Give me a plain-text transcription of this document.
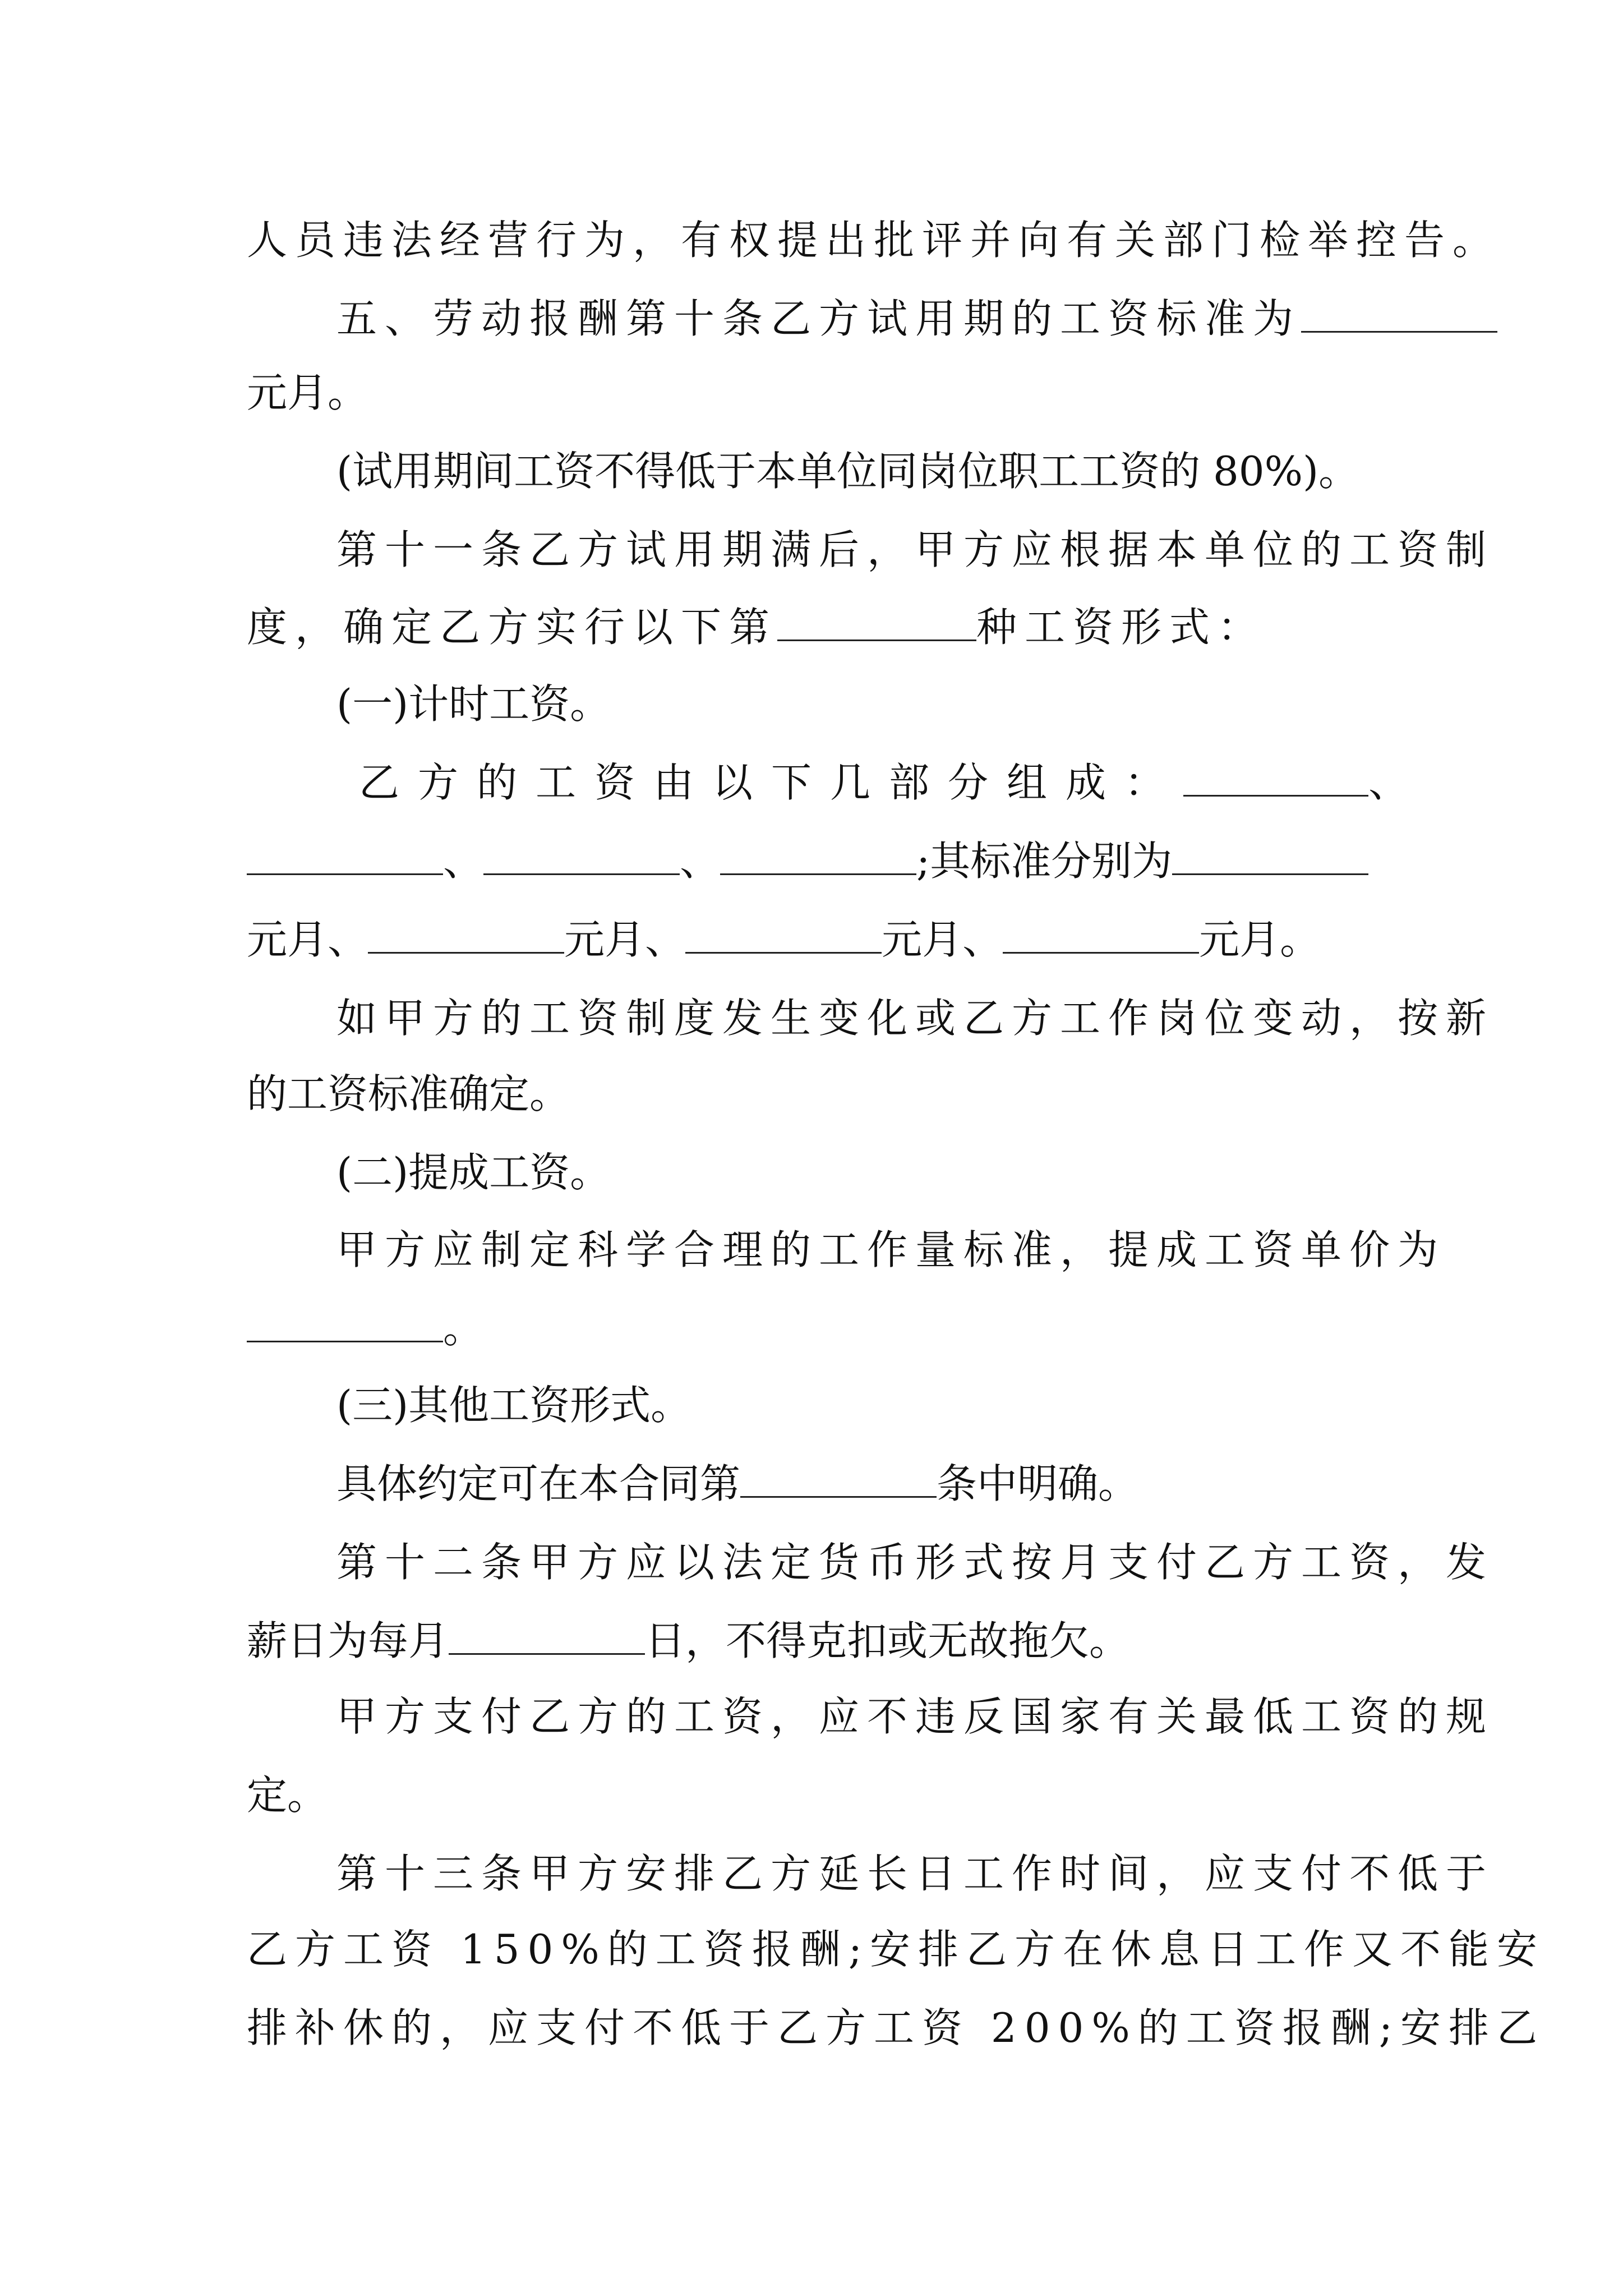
人员违法经营行为，有权提出批评并向有关部门检举控告。
五、劳动报酬第十条乙方试用期的工资标准为
元月。
(试用期间工资不得低于本单位同岗位职工工资的 80%)。
第十一条乙方试用期满后，甲方应根据本单位的工资制
度，确定乙方实行以下第	种工资形式：
(一)计时工资。
乙方的工资由以下几部分组成：	、
、	、	;其标准分别为
元月、	元月、	元月、	元月。
如甲方的工资制度发生变化或乙方工作岗位变动，按新
的工资标准确定。
(二)提成工资。
甲方应制定科学合理的工作量标准，提成工资单价为
。
(三)其他工资形式。
具体约定可在本合同第	条中明确。
第十二条甲方应以法定货币形式按月支付乙方工资，发
薪日为每月	日，不得克扣或无故拖欠。
甲方支付乙方的工资，应不违反国家有关最低工资的规
定。
第十三条甲方安排乙方延长日工作时间，应支付不低于
乙方工资 150%的工资报酬;安排乙方在休息日工作又不能安
排补休的，应支付不低于乙方工资 200%的工资报酬;安排乙
